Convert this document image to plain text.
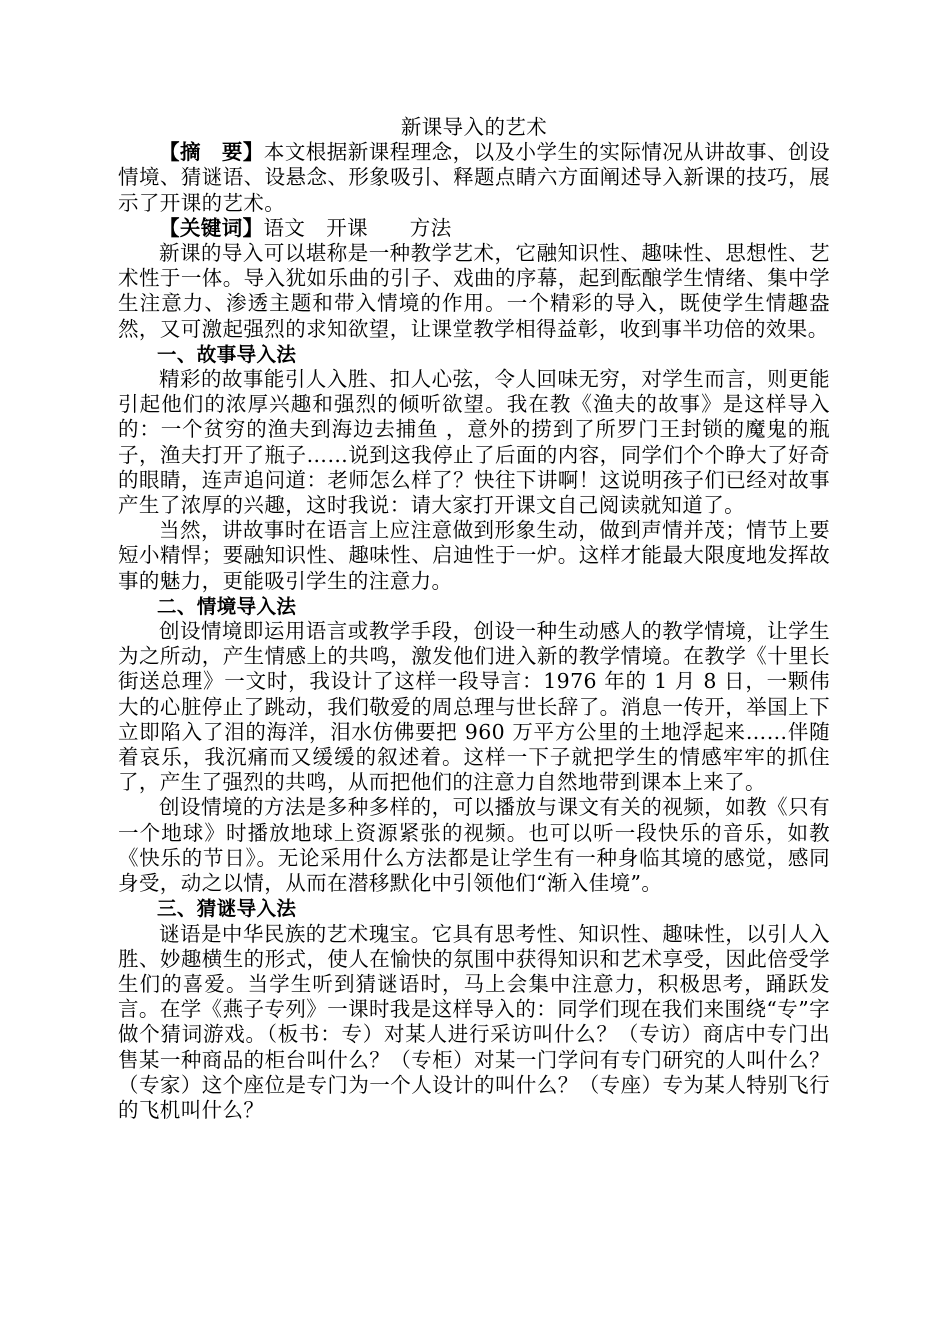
新课导入的艺术

【摘　要】本文根据新课程理念，以及小学生的实际情况从讲故事、创设情境、猜谜语、设悬念、形象吸引、释题点睛六方面阐述导入新课的技巧，展示了开课的艺术。

【关键词】语文　开课　　方法

新课的导入可以堪称是一种教学艺术，它融知识性、趣味性、思想性、艺术性于一体。导入犹如乐曲的引子、戏曲的序幕，起到酝酿学生情绪、集中学生注意力、渗透主题和带入情境的作用。一个精彩的导入，既使学生情趣盎然，又可激起强烈的求知欲望，让课堂教学相得益彰，收到事半功倍的效果。

一、故事导入法

精彩的故事能引人入胜、扣人心弦，令人回味无穷，对学生而言，则更能引起他们的浓厚兴趣和强烈的倾听欲望。我在教《渔夫的故事》是这样导入的：一个贫穷的渔夫到海边去捕鱼 ，意外的捞到了所罗门王封锁的魔鬼的瓶子，渔夫打开了瓶子……说到这我停止了后面的内容，同学们个个睁大了好奇的眼睛，连声追问道：老师怎么样了？快往下讲啊！这说明孩子们已经对故事产生了浓厚的兴趣，这时我说：请大家打开课文自己阅读就知道了。

当然，讲故事时在语言上应注意做到形象生动，做到声情并茂；情节上要短小精悍；要融知识性、趣味性、启迪性于一炉。这样才能最大限度地发挥故事的魅力，更能吸引学生的注意力。

二、情境导入法

创设情境即运用语言或教学手段，创设一种生动感人的教学情境，让学生为之所动，产生情感上的共鸣，激发他们进入新的教学情境。在教学《十里长街送总理》一文时，我设计了这样一段导言：1976 年的 1 月 8 日，一颗伟大的心脏停止了跳动，我们敬爱的周总理与世长辞了。消息一传开，举国上下立即陷入了泪的海洋，泪水仿佛要把 960 万平方公里的土地浮起来……伴随着哀乐，我沉痛而又缓缓的叙述着。这样一下子就把学生的情感牢牢的抓住了，产生了强烈的共鸣，从而把他们的注意力自然地带到课本上来了。

创设情境的方法是多种多样的，可以播放与课文有关的视频，如教《只有一个地球》时播放地球上资源紧张的视频。也可以听一段快乐的音乐，如教《快乐的节日》。无论采用什么方法都是让学生有一种身临其境的感觉，感同身受，动之以情，从而在潜移默化中引领他们“渐入佳境”。

三、猜谜导入法

谜语是中华民族的艺术瑰宝。它具有思考性、知识性、趣味性，以引人入胜、妙趣横生的形式，使人在愉快的氛围中获得知识和艺术享受，因此倍受学生们的喜爱。当学生听到猜谜语时，马上会集中注意力，积极思考，踊跃发言。在学《燕子专列》一课时我是这样导入的：同学们现在我们来围绕“专”字做个猜词游戏。（板书：专）对某人进行采访叫什么？（专访）商店中专门出售某一种商品的柜台叫什么？（专柜）对某一门学问有专门研究的人叫什么？（专家）这个座位是专门为一个人设计的叫什么？（专座）专为某人特别飞行的飞机叫什么？
